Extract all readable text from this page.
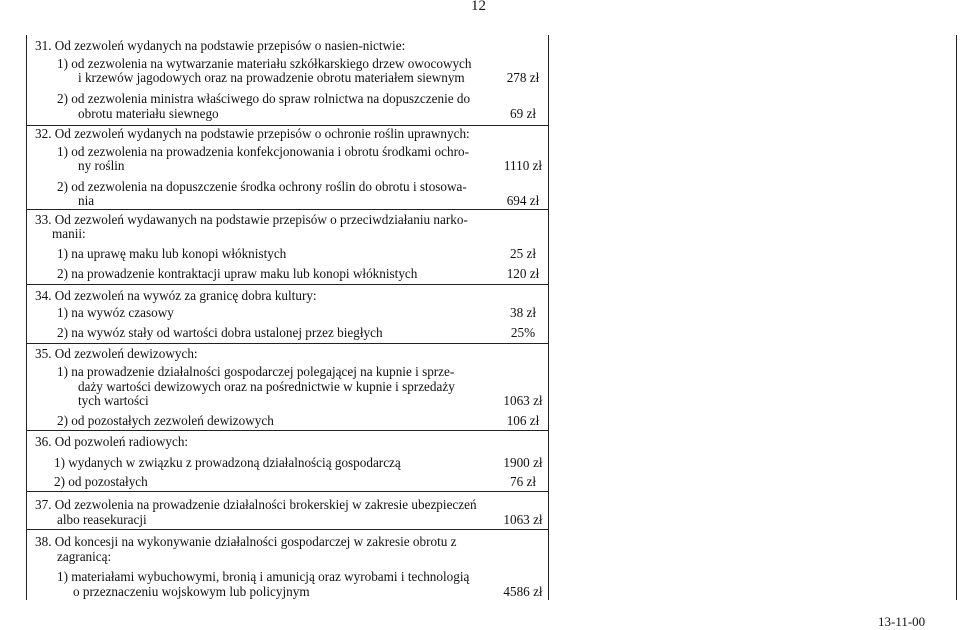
12
31. Od zezwoleń wydanych na podstawie przepisów o nasien-nictwie:
1) od zezwolenia na wytwarzanie materiału szkółkarskiego drzew owocowych
i krzewów jagodowych oraz na prowadzenie obrotu materiałem siewnym	278 zł
2) od zezwolenia ministra właściwego do spraw rolnictwa na dopuszczenie do
obrotu materiału siewnego	69 zł
32. Od zezwoleń wydanych na podstawie przepisów o ochronie roślin uprawnych:
1) od zezwolenia na prowadzenia konfekcjonowania i obrotu środkami ochro-
ny roślin	1110 zł
2) od zezwolenia na dopuszczenie środka ochrony roślin do obrotu i stosowa-
nia	694 zł
33. Od zezwoleń wydawanych na podstawie przepisów o przeciwdziałaniu narko-
manii:
1) na uprawę maku lub konopi włóknistych	25 zł
2) na prowadzenie kontraktacji upraw maku lub konopi włóknistych	120 zł
34. Od zezwoleń na wywóz za granicę dobra kultury:
1) na wywóz czasowy	38 zł
2) na wywóz stały od wartości dobra ustalonej przez biegłych	25%
35. Od zezwoleń dewizowych:
1) na prowadzenie działalności gospodarczej polegającej na kupnie i sprze-
daży wartości dewizowych oraz na pośrednictwie w kupnie i sprzedaży
tych wartości	1063 zł
2) od pozostałych zezwoleń dewizowych	106 zł
36. Od pozwoleń radiowych:
1) wydanych w związku z prowadzoną działalnością gospodarczą	1900 zł
2) od pozostałych	76 zł
37. Od zezwolenia na prowadzenie działalności brokerskiej w zakresie ubezpieczeń
albo reasekuracji	1063 zł
38. Od koncesji na wykonywanie działalności gospodarczej w zakresie obrotu z
zagranicą:
1) materiałami wybuchowymi, bronią i amunicją oraz wyrobami i technologią
o przeznaczeniu wojskowym lub policyjnym	4586 zł
13-11-00
